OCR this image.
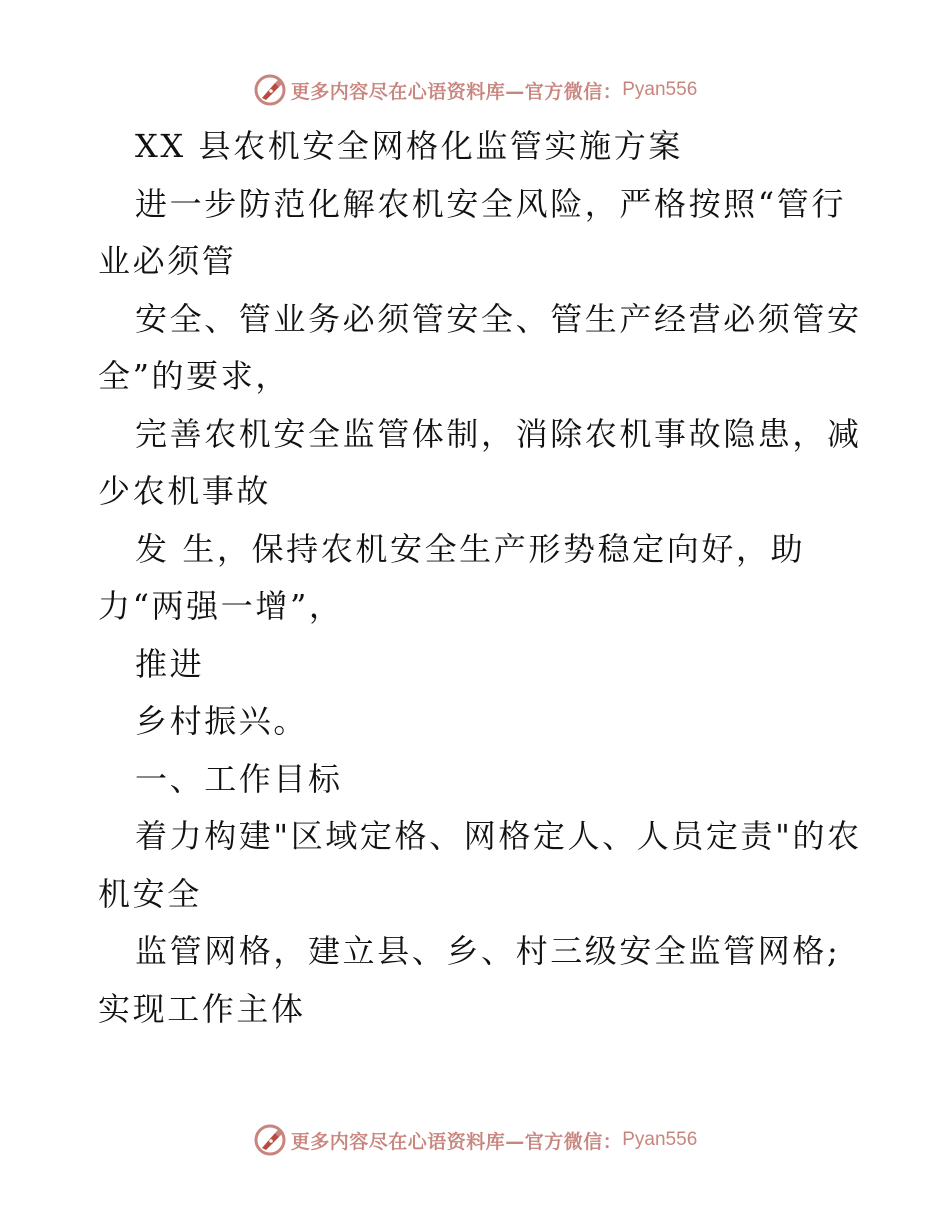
更多内容尽在心语资料库—官方微信： Pyan556
XX 县农机安全网格化监管实施方案
进一步防范化解农机安全风险，严格按照“管行
业必须管
安全、管业务必须管安全、管生产经营必须管安
全”的要求，
完善农机安全监管体制，消除农机事故隐患，减
少农机事故
发 生，保持农机安全生产形势稳定向好，助
力“两强一增”，
推进
乡村振兴。
一、工作目标
着力构建"区域定格、网格定人、人员定责"的农
机安全
监管网格，建立县、乡、村三级安全监管网格;
实现工作主体
更多内容尽在心语资料库—官方微信： Pyan556
